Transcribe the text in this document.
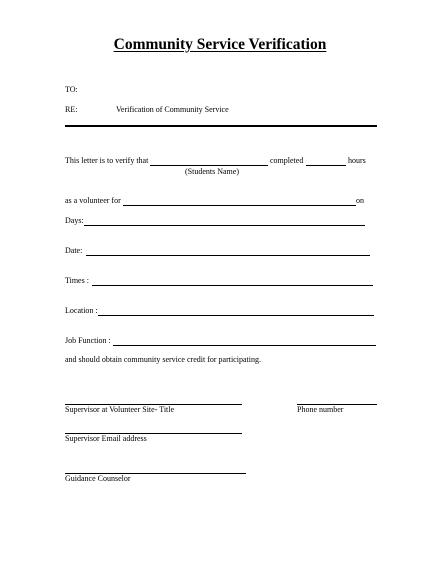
Community Service Verification
TO:
RE:	Verification of Community Service
This letter is to verify that	completed	hours
(Students Name)
as a volunteer for	on
Days:
Date:
Times :
Location :
Job Function :
and should obtain community service credit for participating.
Supervisor at Volunteer Site- Title	Phone number
Supervisor Email address
Guidance Counselor
